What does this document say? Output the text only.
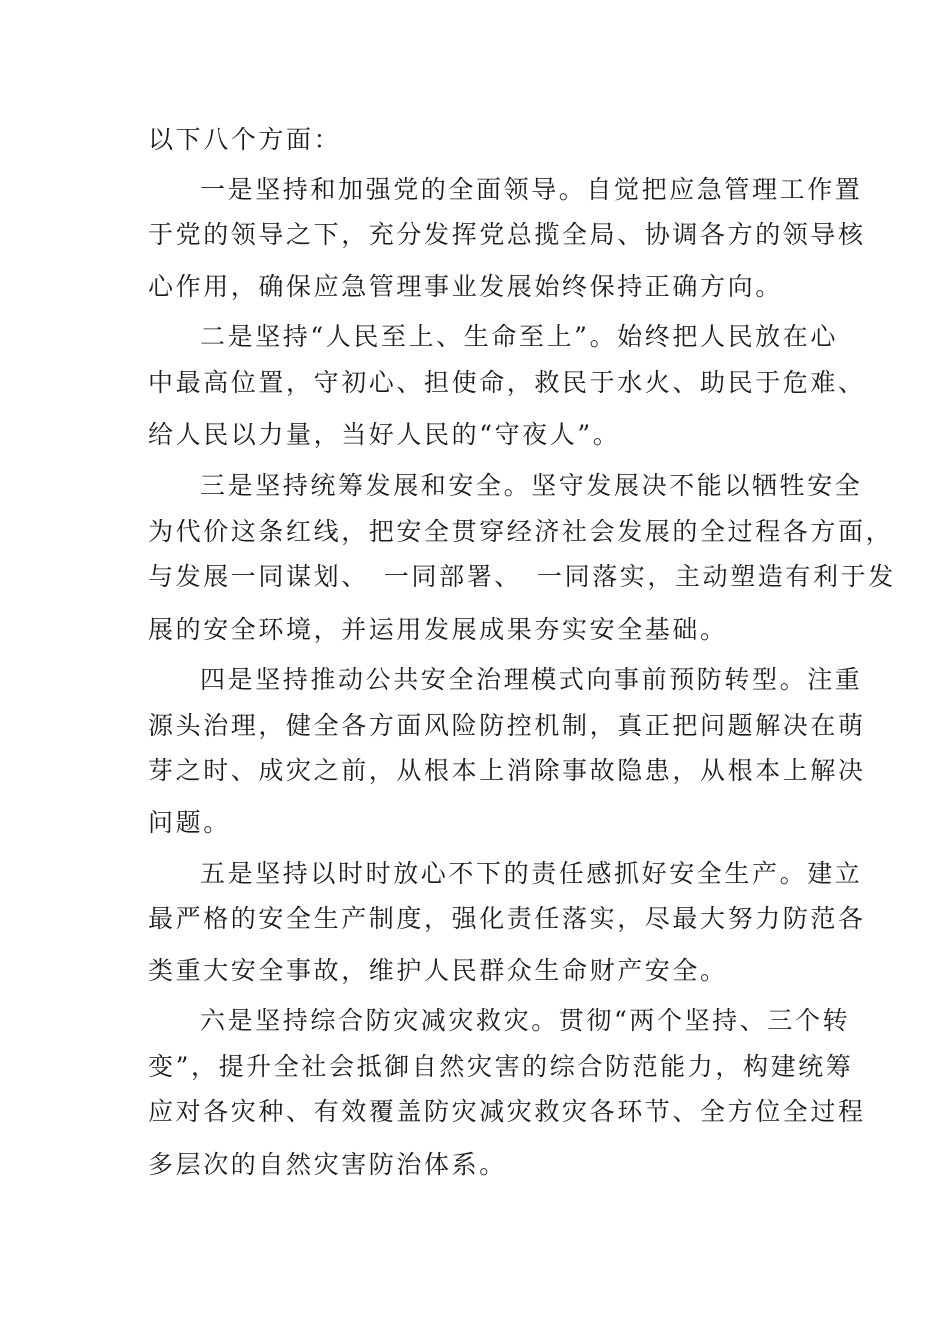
以下八个方面：
一是坚持和加强党的全面领导。自觉把应急管理工作置
于党的领导之下，充分发挥党总揽全局、协调各方的领导核
心作用，确保应急管理事业发展始终保持正确方向。
二是坚持“人民至上、生命至上”。始终把人民放在心
中最高位置，守初心、担使命，救民于水火、助民于危难、
给人民以力量，当好人民的“守夜人”。
三是坚持统筹发展和安全。坚守发展决不能以牺牲安全
为代价这条红线，把安全贯穿经济社会发展的全过程各方面，
与发展一同谋划、　一同部署、　一同落实，主动塑造有利于发
展的安全环境，并运用发展成果夯实安全基础。
四是坚持推动公共安全治理模式向事前预防转型。注重
源头治理，健全各方面风险防控机制，真正把问题解决在萌
芽之时、成灾之前，从根本上消除事故隐患，从根本上解决
问题。
五是坚持以时时放心不下的责任感抓好安全生产。建立
最严格的安全生产制度，强化责任落实，尽最大努力防范各
类重大安全事故，维护人民群众生命财产安全。
六是坚持综合防灾减灾救灾。贯彻“两个坚持、三个转
变”，提升全社会抵御自然灾害的综合防范能力，构建统筹
应对各灾种、有效覆盖防灾减灾救灾各环节、全方位全过程
多层次的自然灾害防治体系。
